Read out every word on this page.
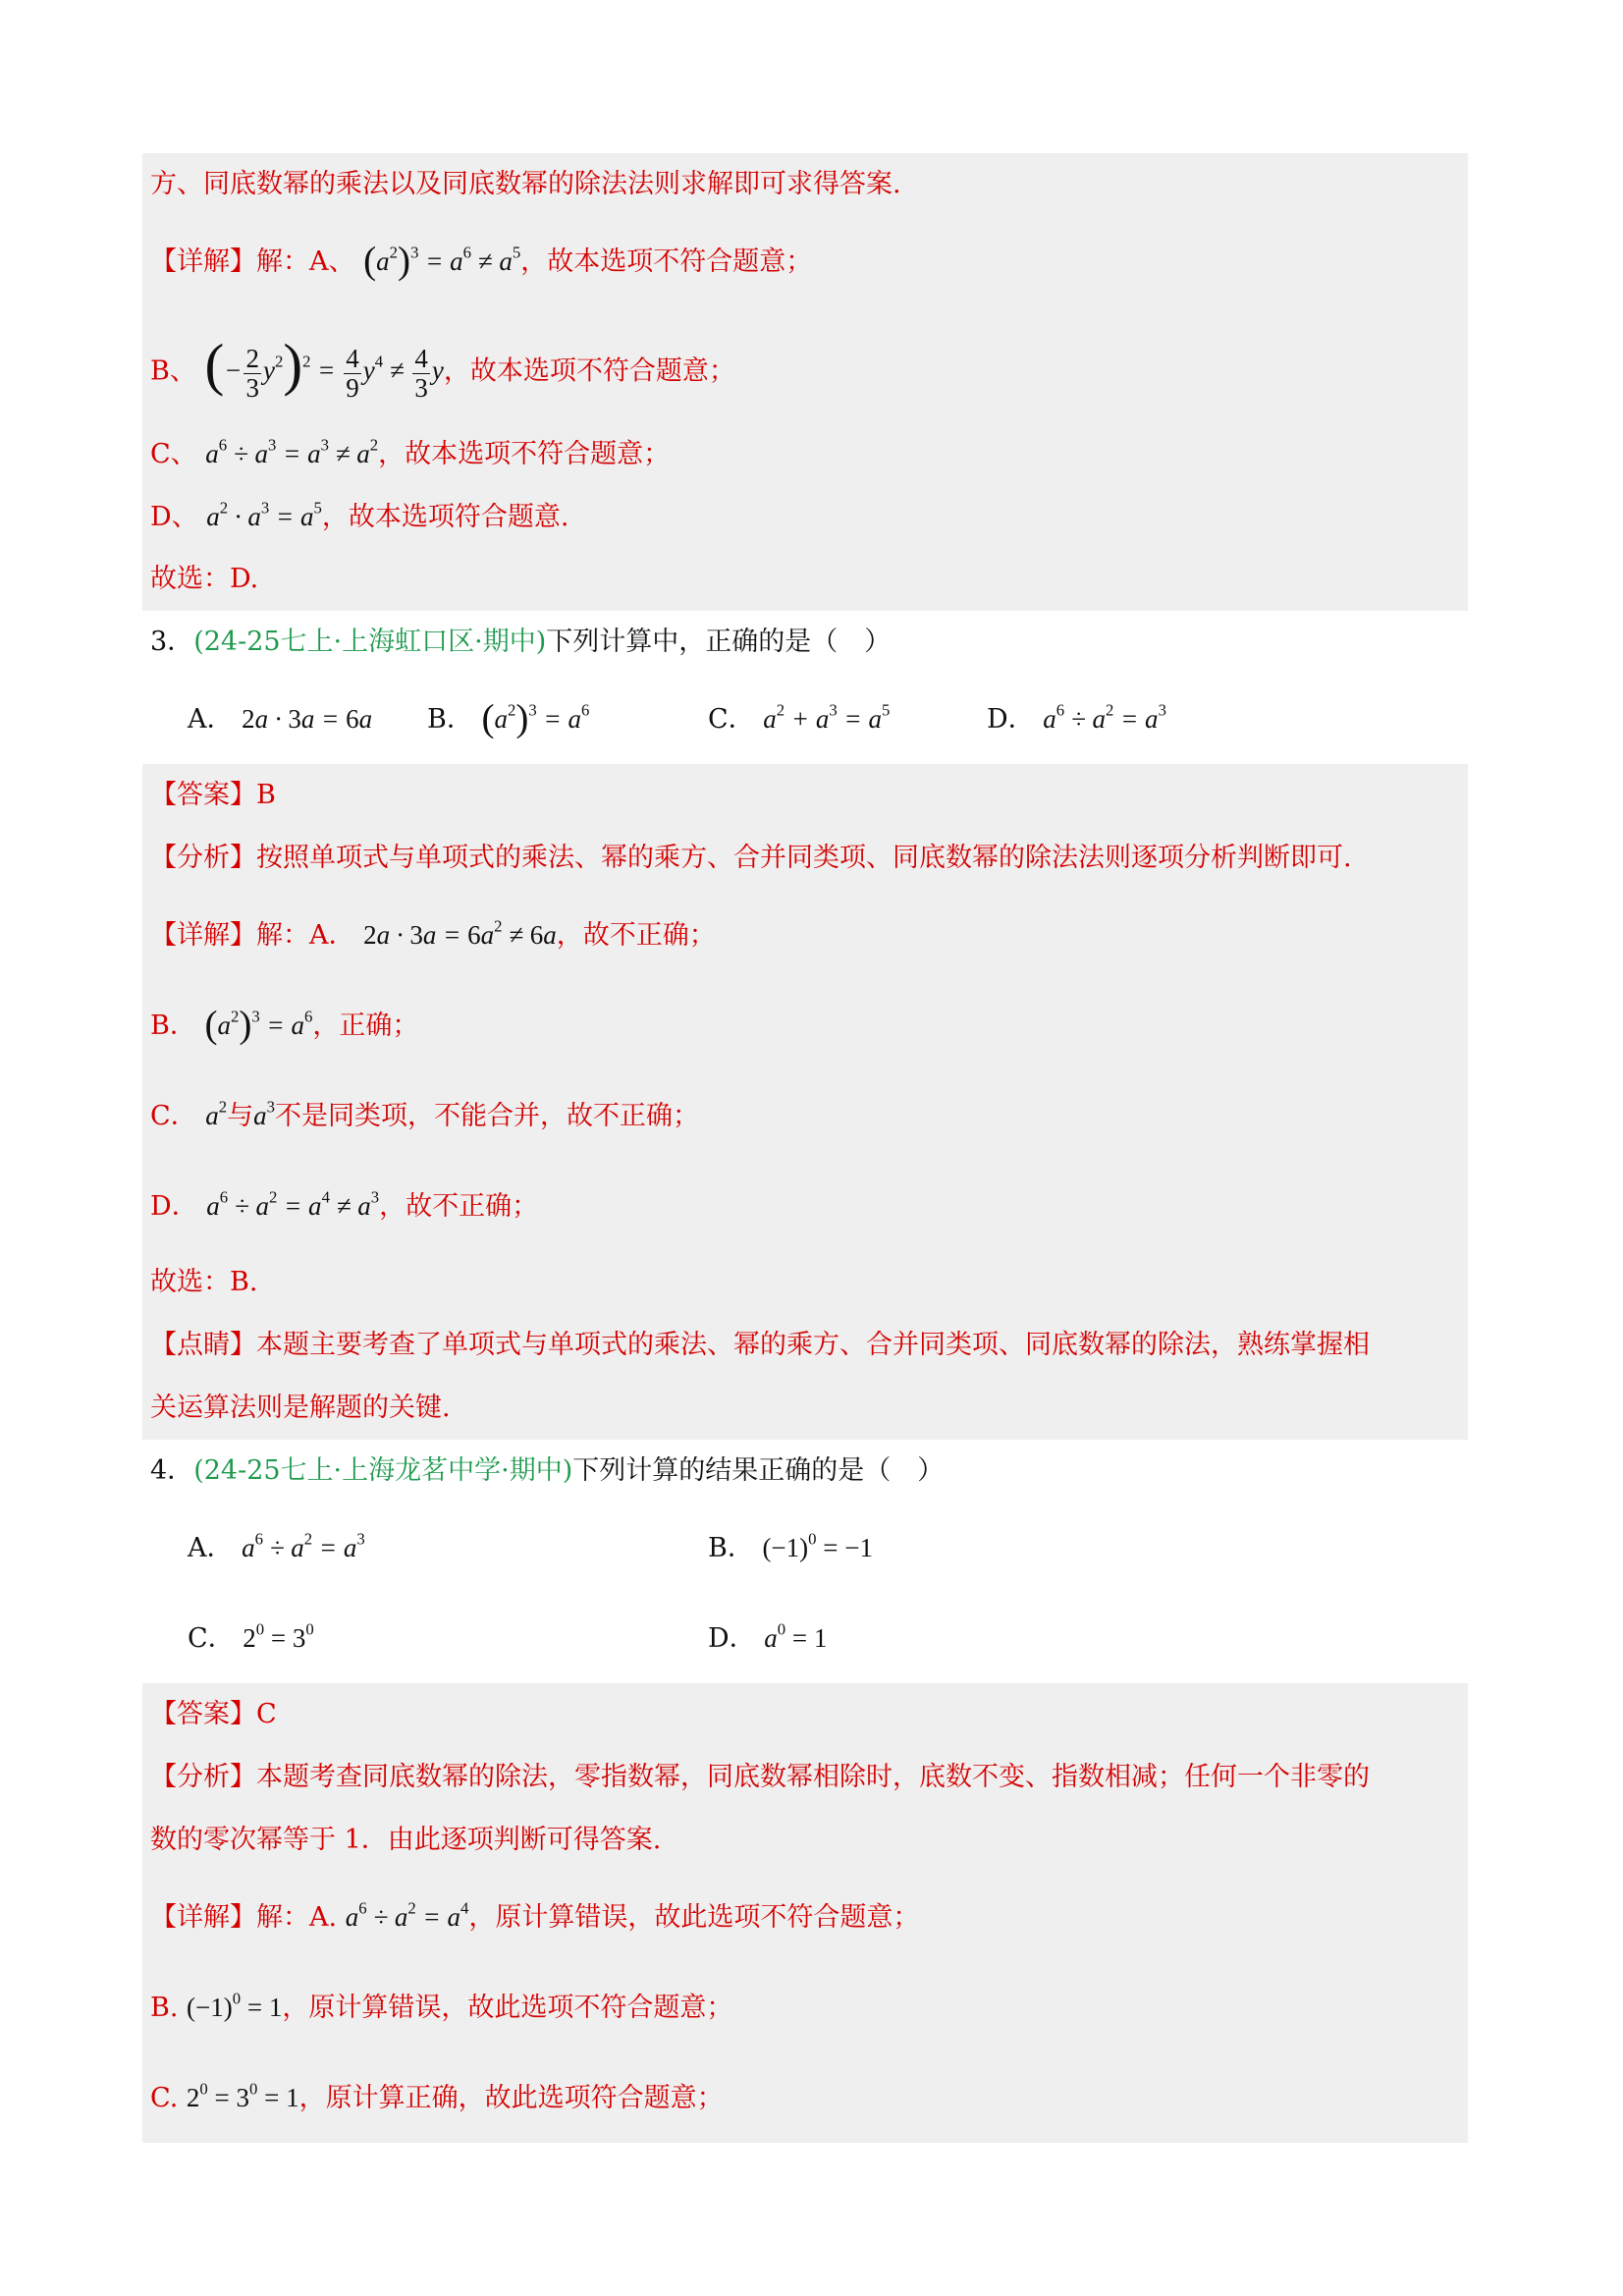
方、同底数幂的乘法以及同底数幂的除法法则求解即可求得答案.
【详解】解：A、 $(a^2)^3 = a^6 \ne a^5$，故本选项不符合题意；
B、 (− $\frac{2}{3} y^2)^2 = \frac{4}{9} y^4 \ne \frac{4}{3}$ y，故本选项不符合题意；
C、 $a^6 \div a^3 = a^3 \ne a^2$，故本选项不符合题意；
D、 $a^2 \cdot a^3 = a^5$，故本选项符合题意.
故选：D.
3．(24-25七上·上海虹口区·期中)下列计算中，正确的是（　）
A． 2a · 3a = 6a B． $(a^2)^3 = a^6$	C． $a^2 + a^3 = a^5$	D． $a^6 \div a^2 = a^3$
【答案】B
【分析】按照单项式与单项式的乘法、幂的乘方、合并同类项、同底数幂的除法法则逐项分析判断即可.
【详解】解：A． $2a \cdot 3a = 6a^2 \ne 6a$，故不正确；
B． $(a^2)^3 = a^6$，正确；
C． $a^2$与$a^3$不是同类项，不能合并，故不正确；
D． $a^6 \div a^2 = a^4 \ne a^3$，故不正确；
故选：B.
【点睛】本题主要考查了单项式与单项式的乘法、幂的乘方、合并同类项、同底数幂的除法，熟练掌握相
关运算法则是解题的关键.
4．(24-25七上·上海龙茗中学·期中)下列计算的结果正确的是（　）
A． $a^6 \div a^2 = a^3$	B． $(-1)^0 = -1$
C． $2^0 = 3^0$	D． $a^0 = 1$
【答案】C
【分析】本题考查同底数幂的除法，零指数幂，同底数幂相除时，底数不变、指数相减；任何一个非零的
数的零次幂等于 1．由此逐项判断可得答案.
【详解】解：A. $a^6 \div a^2 = a^4$，原计算错误，故此选项不符合题意；
B. $(-1)^0 = 1$，原计算错误，故此选项不符合题意；
C. $2^0 = 3^0 = 1$，原计算正确，故此选项符合题意；
